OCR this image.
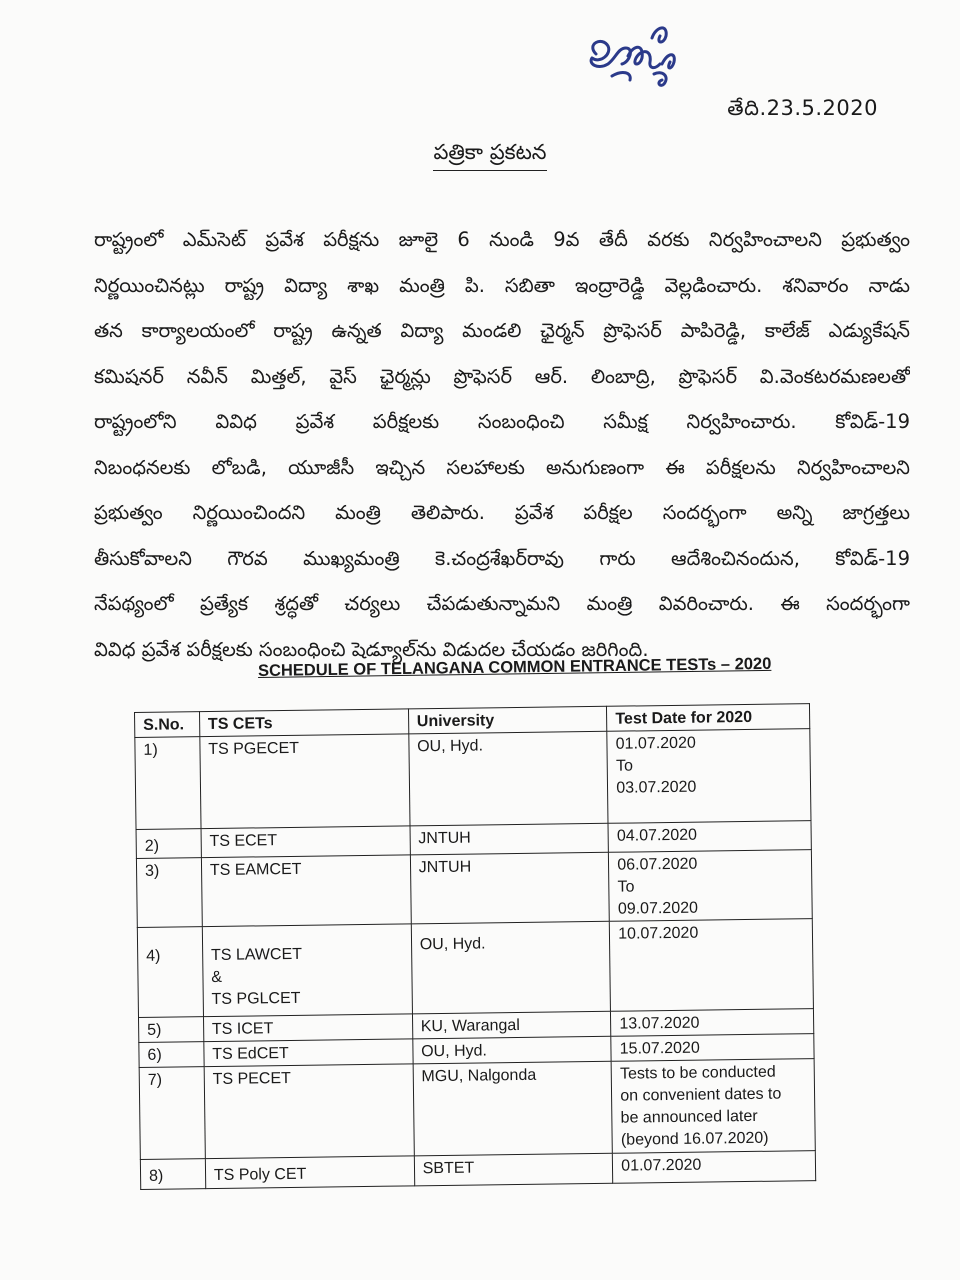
తేది.23.5.2020
పత్రికా ప్రకటన
రాష్ట్రంలో ఎమ్‌సెట్ ప్రవేశ పరీక్షను జూలై 6 నుండి 9వ తేదీ వరకు నిర్వహించాలని ప్రభుత్వం
నిర్ణయించినట్లు రాష్ట్ర విద్యా శాఖ మంత్రి పి. సబితా ఇంద్రారెడ్డి వెల్లడించారు. శనివారం నాడు
తన కార్యాలయంలో రాష్ట్ర ఉన్నత విద్యా మండలి ఛైర్మన్ ప్రొఫెసర్ పాపిరెడ్డి, కాలేజ్ ఎడ్యుకేషన్
కమిషనర్ నవీన్ మిత్తల్, వైస్ ఛైర్మన్లు ప్రొఫెసర్ ఆర్. లింబాద్రి, ప్రొఫెసర్ వి.వెంకటరమణలతో
రాష్ట్రంలోని వివిధ ప్రవేశ పరీక్షలకు సంబంధించి సమీక్ష నిర్వహించారు. కోవిడ్-19
నిబంధనలకు లోబడి, యూజీసీ ఇచ్చిన సలహాలకు అనుగుణంగా ఈ పరీక్షలను నిర్వహించాలని
ప్రభుత్వం నిర్ణయించిందని మంత్రి తెలిపారు. ప్రవేశ పరీక్షల సందర్భంగా అన్ని జాగ్రత్తలు
తీసుకోవాలని గౌరవ ముఖ్యమంత్రి కె.చంద్రశేఖర్‌రావు గారు ఆదేశించినందున, కోవిడ్-19
నేపథ్యంలో ప్రత్యేక శ్రద్ధతో చర్యలు చేపడుతున్నామని మంత్రి వివరించారు. ఈ సందర్భంగా
వివిధ ప్రవేశ పరీక్షలకు సంబంధించి షెడ్యూల్‌ను విడుదల చేయడం జరిగింది.
SCHEDULE OF TELANGANA COMMON ENTRANCE TESTs – 2020
S.No.	TS CETs	University	Test Date for 2020
1)	TS PGECET	OU, Hyd.	01.07.2020
To
03.07.2020

2)	TS ECET	JNTUH	04.07.2020

3)	TS EAMCET	JNTUH	06.07.2020
To
09.07.2020

4)	TS LAWCET
&
TS PGLCET	OU, Hyd.	10.07.2020

5)	TS ICET	KU, Warangal	13.07.2020

6)	TS EdCET	OU, Hyd.	15.07.2020

7)	TS PECET	MGU, Nalgonda	Tests to be conducted
on convenient dates to
be announced later
(beyond 16.07.2020)

8)	TS Poly CET	SBTET	01.07.2020
